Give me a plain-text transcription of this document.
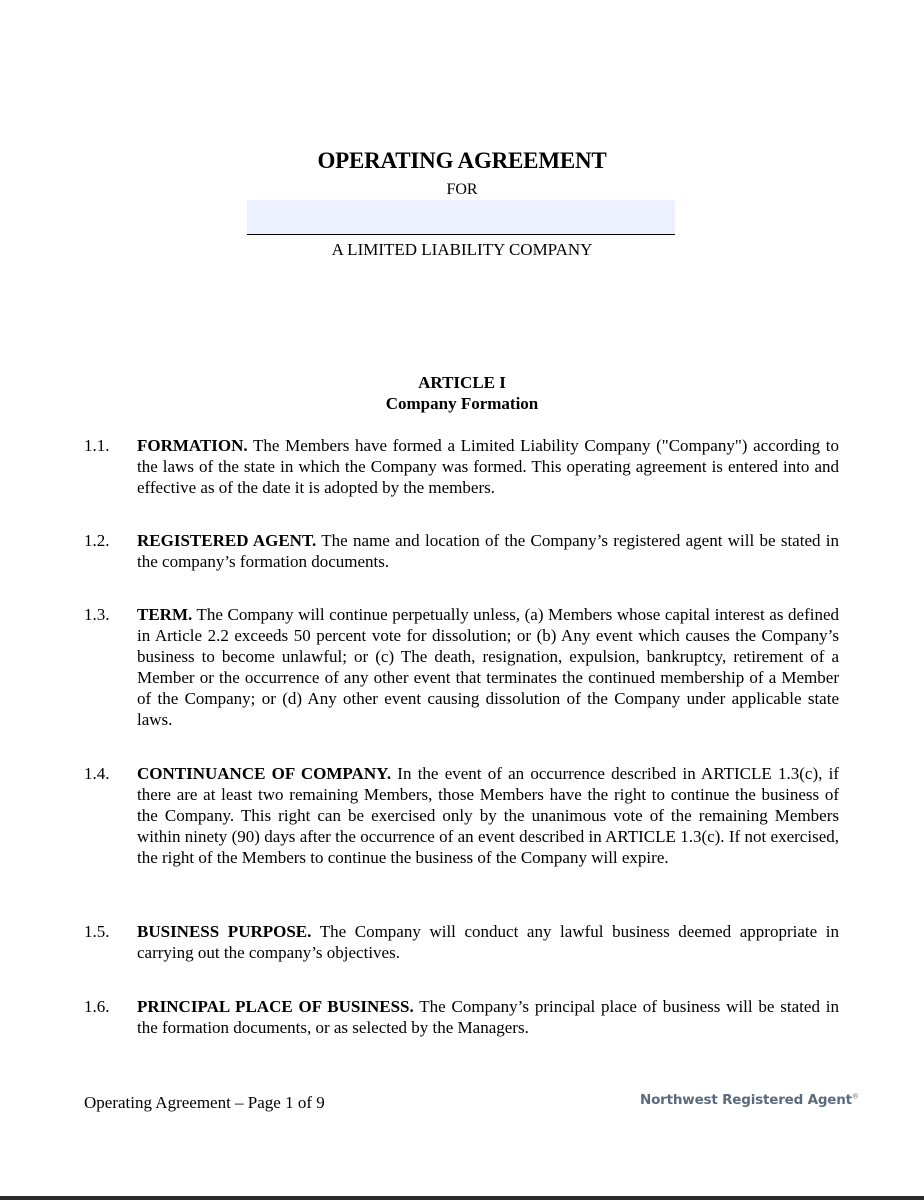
OPERATING AGREEMENT
FOR
A LIMITED LIABILITY COMPANY
ARTICLE I
Company Formation
1.1. FORMATION. The Members have formed a Limited Liability Company ("Company") according to the laws of the state in which the Company was formed. This operating agreement is entered into and effective as of the date it is adopted by the members.
1.2. REGISTERED AGENT. The name and location of the Company’s registered agent will be stated in the company’s formation documents.
1.3. TERM. The Company will continue perpetually unless, (a) Members whose capital interest as defined in Article 2.2 exceeds 50 percent vote for dissolution; or (b) Any event which causes the Company’s business to become unlawful; or (c) The death, resignation, expulsion, bankruptcy, retirement of a Member or the occurrence of any other event that terminates the continued membership of a Member of the Company; or (d) Any other event causing dissolution of the Company under applicable state laws.
1.4. CONTINUANCE OF COMPANY. In the event of an occurrence described in ARTICLE 1.3(c), if there are at least two remaining Members, those Members have the right to continue the business of the Company. This right can be exercised only by the unanimous vote of the remaining Members within ninety (90) days after the occurrence of an event described in ARTICLE 1.3(c). If not exercised, the right of the Members to continue the business of the Company will expire.
1.5. BUSINESS PURPOSE. The Company will conduct any lawful business deemed appropriate in carrying out the company’s objectives.
1.6. PRINCIPAL PLACE OF BUSINESS. The Company’s principal place of business will be stated in the formation documents, or as selected by the Managers.
Operating Agreement – Page 1 of 9	Northwest Registered Agent®
